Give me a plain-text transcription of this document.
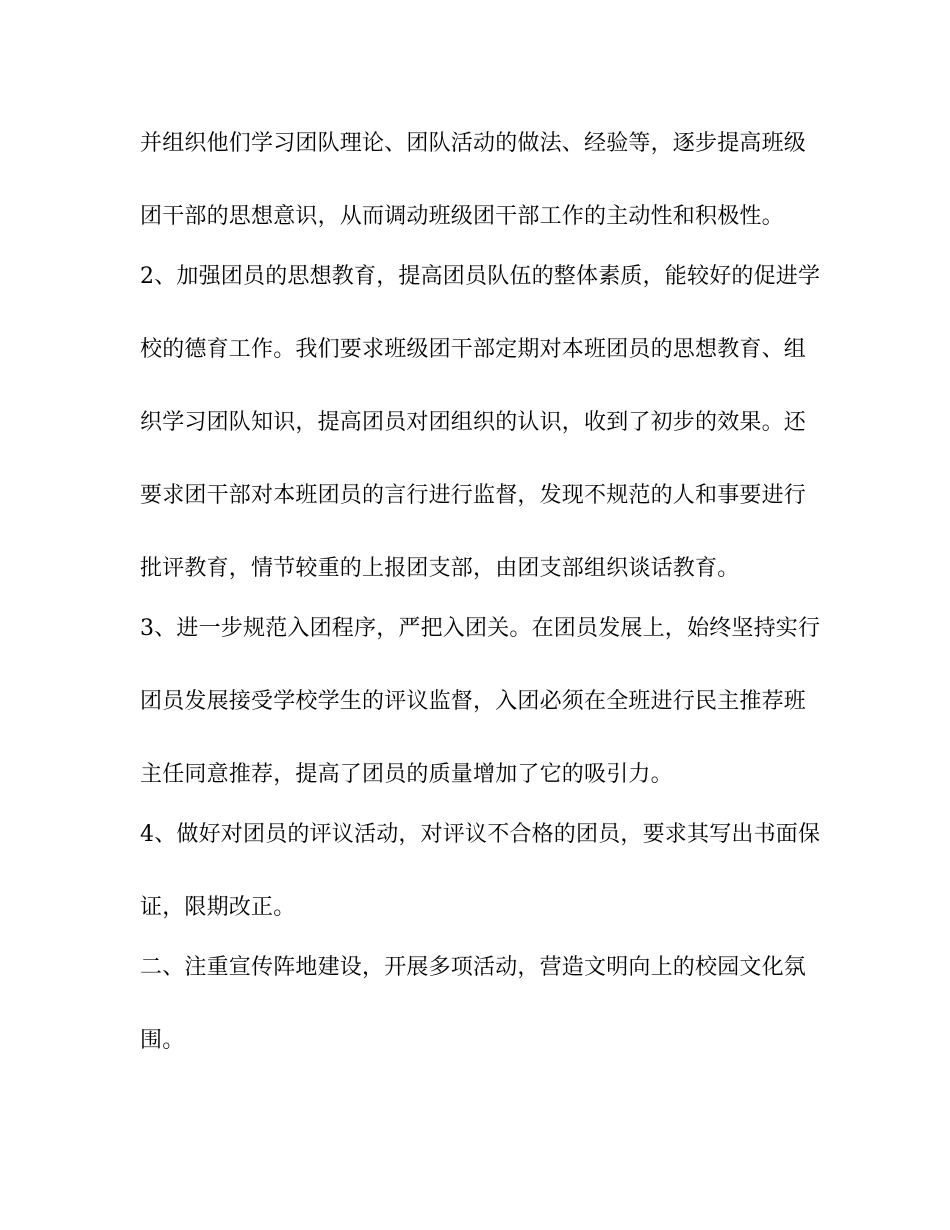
并组织他们学习团队理论、团队活动的做法、经验等，逐步提高班级
团干部的思想意识，从而调动班级团干部工作的主动性和积极性。
2、加强团员的思想教育，提高团员队伍的整体素质，能较好的促进学
校的德育工作。我们要求班级团干部定期对本班团员的思想教育、组
织学习团队知识，提高团员对团组织的认识，收到了初步的效果。还
要求团干部对本班团员的言行进行监督，发现不规范的人和事要进行
批评教育，情节较重的上报团支部，由团支部组织谈话教育。
3、进一步规范入团程序，严把入团关。在团员发展上，始终坚持实行
团员发展接受学校学生的评议监督，入团必须在全班进行民主推荐班
主任同意推荐，提高了团员的质量增加了它的吸引力。
4、做好对团员的评议活动，对评议不合格的团员，要求其写出书面保
证，限期改正。
二、注重宣传阵地建设，开展多项活动，营造文明向上的校园文化氛
围。
